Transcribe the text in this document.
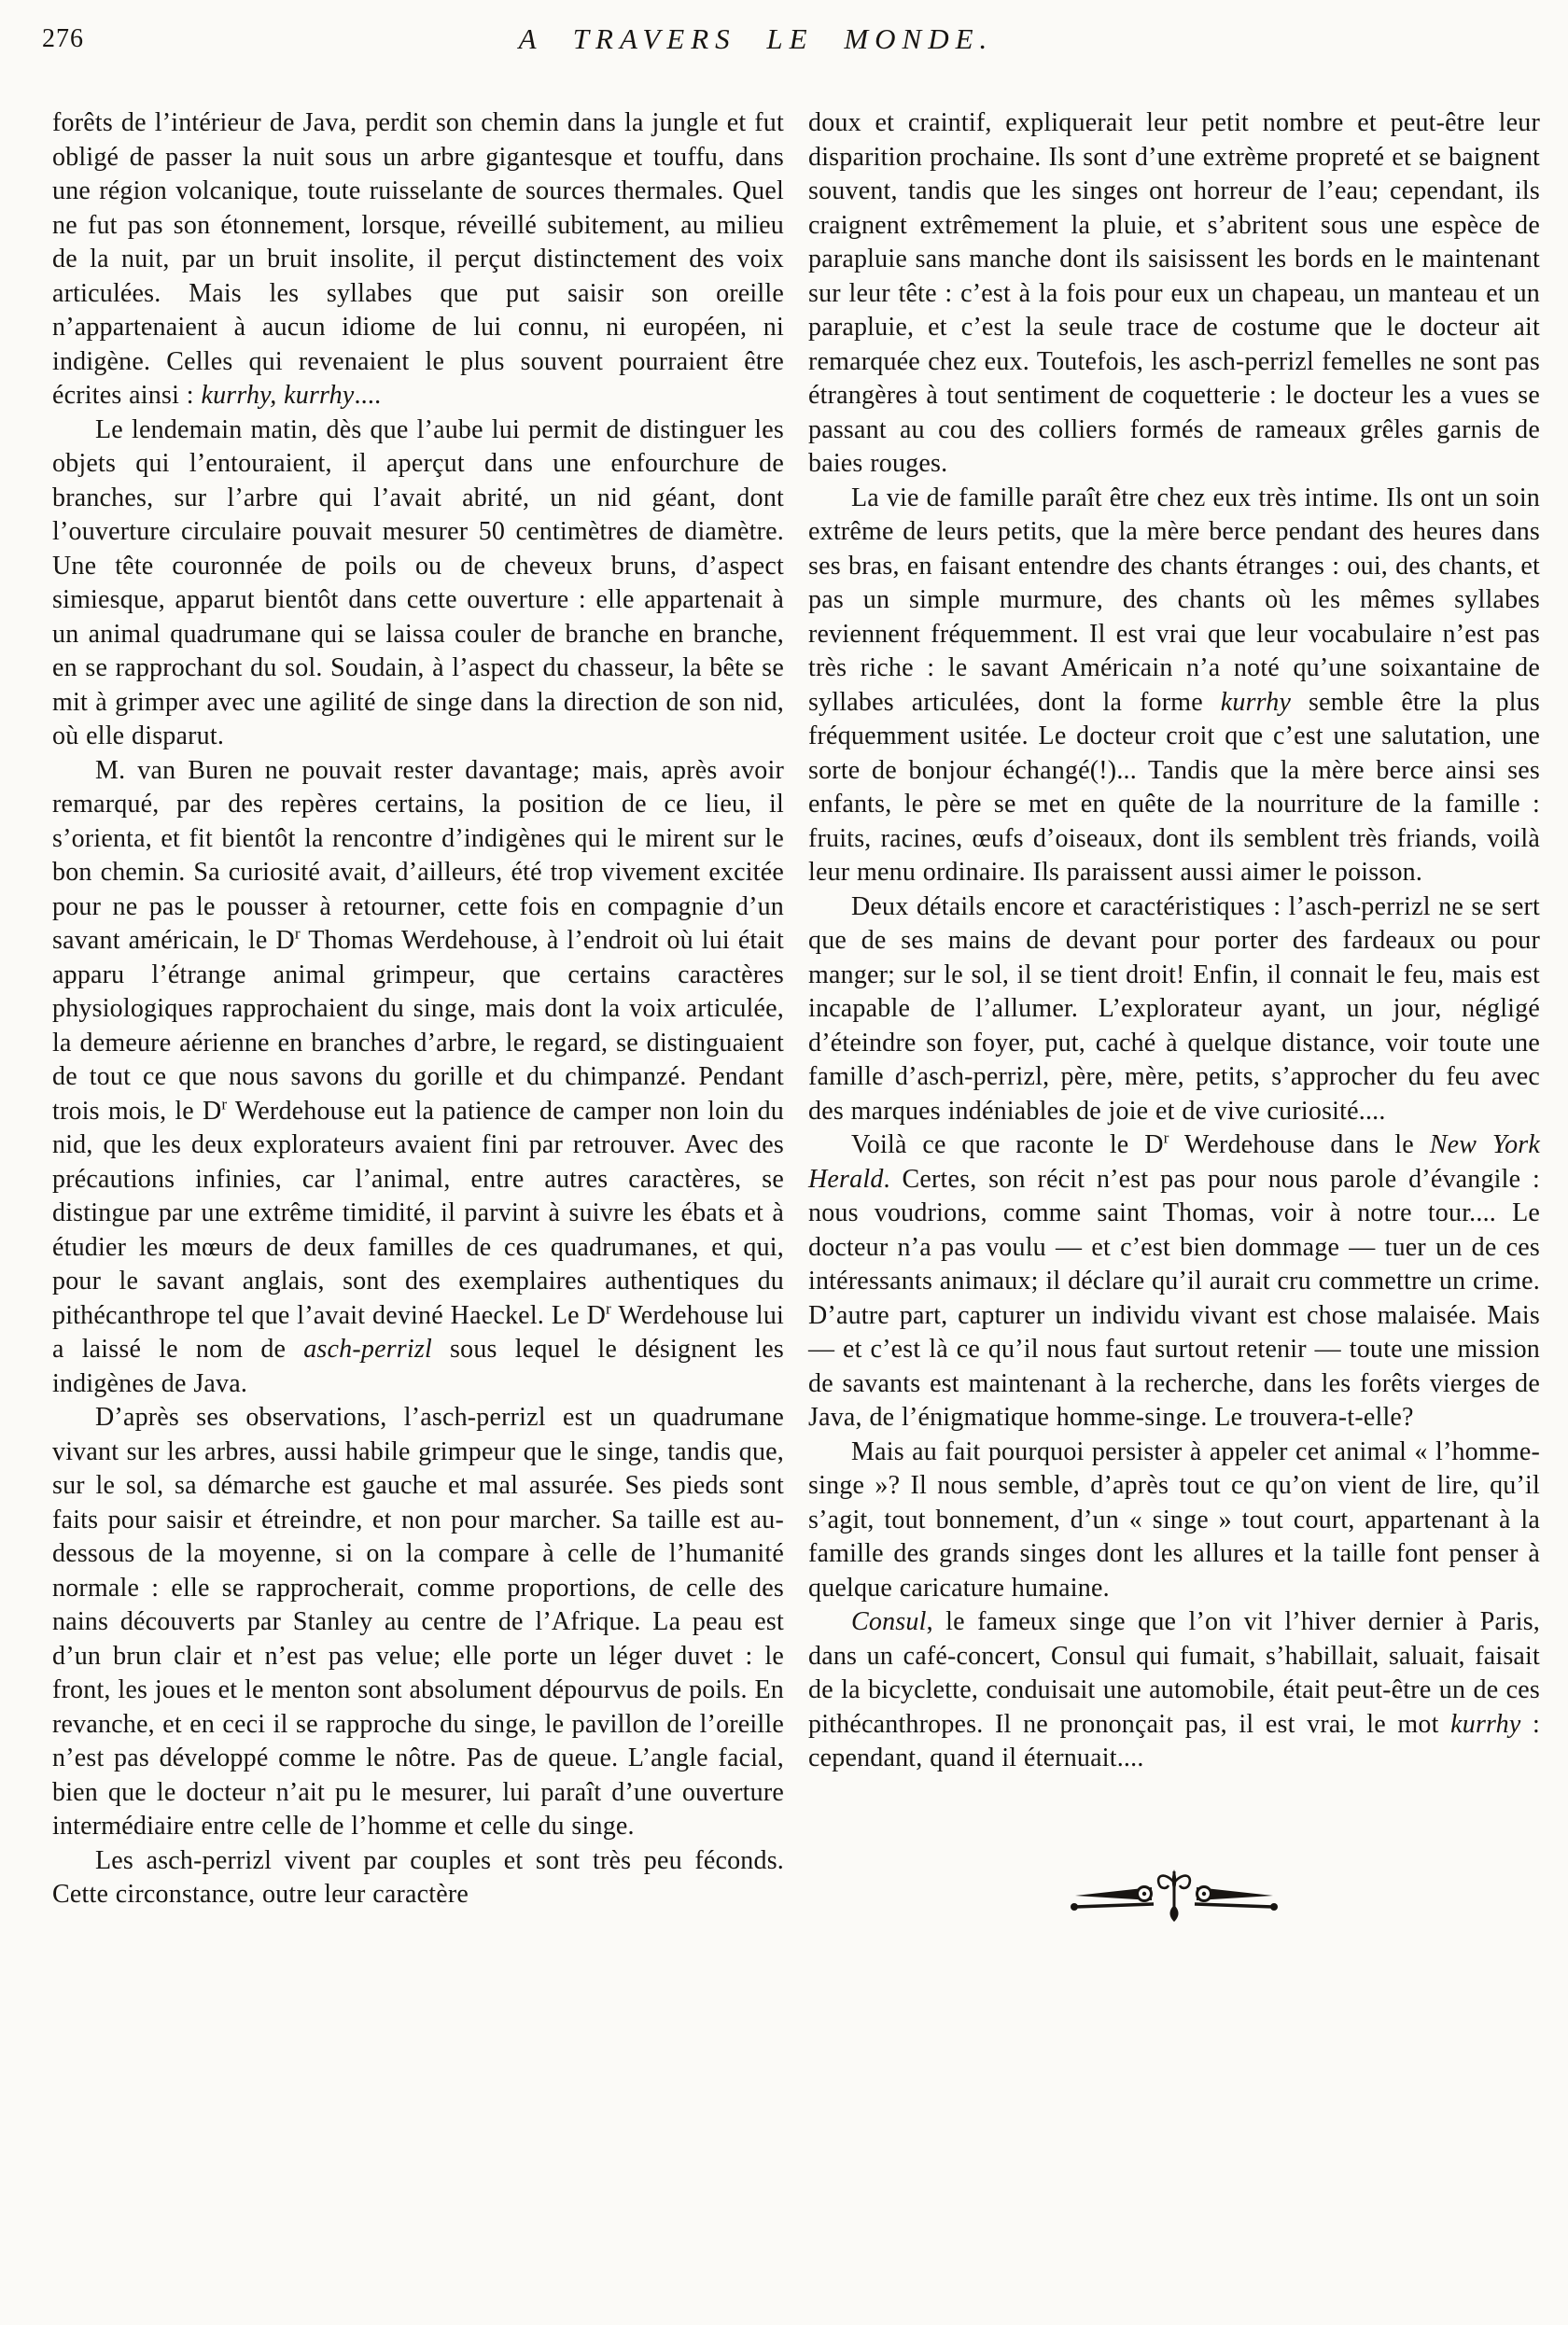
276	A TRAVERS LE MONDE.

forêts de l’intérieur de Java, perdit son chemin dans la jungle et fut obligé de passer la nuit sous un arbre gigantesque et touffu, dans une région volcanique, toute ruisselante de sources thermales. Quel ne fut pas son étonnement, lorsque, réveillé subitement, au milieu de la nuit, par un bruit insolite, il perçut distinctement des voix articulées. Mais les syllabes que put saisir son oreille n’appartenaient à aucun idiome de lui connu, ni européen, ni indigène. Celles qui revenaient le plus souvent pourraient être écrites ainsi : kurrhy, kurrhy....

Le lendemain matin, dès que l’aube lui permit de distinguer les objets qui l’entouraient, il aperçut dans une enfourchure de branches, sur l’arbre qui l’avait abrité, un nid géant, dont l’ouverture circulaire pouvait mesurer 50 centimètres de diamètre. Une tête couronnée de poils ou de cheveux bruns, d’aspect simiesque, apparut bientôt dans cette ouverture : elle appartenait à un animal quadrumane qui se laissa couler de branche en branche, en se rapprochant du sol. Soudain, à l’aspect du chasseur, la bête se mit à grimper avec une agilité de singe dans la direction de son nid, où elle disparut.

M. van Buren ne pouvait rester davantage; mais, après avoir remarqué, par des repères certains, la position de ce lieu, il s’orienta, et fit bientôt la rencontre d’indigènes qui le mirent sur le bon chemin. Sa curiosité avait, d’ailleurs, été trop vivement excitée pour ne pas le pousser à retourner, cette fois en compagnie d’un savant américain, le $D^r$ Thomas Werdehouse, à l’endroit où lui était apparu l’étrange animal grimpeur, que certains caractères physiologiques rapprochaient du singe, mais dont la voix articulée, la demeure aérienne en branches d’arbre, le regard, se distinguaient de tout ce que nous savons du gorille et du chimpanzé. Pendant trois mois, le $D^r$ Werdehouse eut la patience de camper non loin du nid, que les deux explorateurs avaient fini par retrouver. Avec des précautions infinies, car l’animal, entre autres caractères, se distingue par une extrême timidité, il parvint à suivre les ébats et à étudier les mœurs de deux familles de ces quadrumanes, et qui, pour le savant anglais, sont des exemplaires authentiques du pithécanthrope tel que l’avait deviné Haeckel. Le $D^r$ Werdehouse lui a laissé le nom de asch-perrizl sous lequel le désignent les indigènes de Java.

D’après ses observations, l’asch-perrizl est un quadrumane vivant sur les arbres, aussi habile grimpeur que le singe, tandis que, sur le sol, sa démarche est gauche et mal assurée. Ses pieds sont faits pour saisir et étreindre, et non pour marcher. Sa taille est au-dessous de la moyenne, si on la compare à celle de l’humanité normale : elle se rapprocherait, comme proportions, de celle des nains découverts par Stanley au centre de l’Afrique. La peau est d’un brun clair et n’est pas velue; elle porte un léger duvet : le front, les joues et le menton sont absolument dépourvus de poils. En revanche, et en ceci il se rapproche du singe, le pavillon de l’oreille n’est pas développé comme le nôtre. Pas de queue. L’angle facial, bien que le docteur n’ait pu le mesurer, lui paraît d’une ouverture intermédiaire entre celle de l’homme et celle du singe.

Les asch-perrizl vivent par couples et sont très peu féconds. Cette circonstance, outre leur caractère

doux et craintif, expliquerait leur petit nombre et peut-être leur disparition prochaine. Ils sont d’une extrème propreté et se baignent souvent, tandis que les singes ont horreur de l’eau; cependant, ils craignent extrêmement la pluie, et s’abritent sous une espèce de parapluie sans manche dont ils saisissent les bords en le maintenant sur leur tête : c’est à la fois pour eux un chapeau, un manteau et un parapluie, et c’est la seule trace de costume que le docteur ait remarquée chez eux. Toutefois, les asch-perrizl femelles ne sont pas étrangères à tout sentiment de coquetterie : le docteur les a vues se passant au cou des colliers formés de rameaux grêles garnis de baies rouges.

La vie de famille paraît être chez eux très intime. Ils ont un soin extrême de leurs petits, que la mère berce pendant des heures dans ses bras, en faisant entendre des chants étranges : oui, des chants, et pas un simple murmure, des chants où les mêmes syllabes reviennent fréquemment. Il est vrai que leur vocabulaire n’est pas très riche : le savant Américain n’a noté qu’une soixantaine de syllabes articulées, dont la forme kurrhy semble être la plus fréquemment usitée. Le docteur croit que c’est une salutation, une sorte de bonjour échangé(!)... Tandis que la mère berce ainsi ses enfants, le père se met en quête de la nourriture de la famille : fruits, racines, œufs d’oiseaux, dont ils semblent très friands, voilà leur menu ordinaire. Ils paraissent aussi aimer le poisson.

Deux détails encore et caractéristiques : l’asch-perrizl ne se sert que de ses mains de devant pour porter des fardeaux ou pour manger; sur le sol, il se tient droit! Enfin, il connait le feu, mais est incapable de l’allumer. L’explorateur ayant, un jour, négligé d’éteindre son foyer, put, caché à quelque distance, voir toute une famille d’asch-perrizl, père, mère, petits, s’approcher du feu avec des marques indéniables de joie et de vive curiosité....

Voilà ce que raconte le $D^r$ Werdehouse dans le New York Herald. Certes, son récit n’est pas pour nous parole d’évangile : nous voudrions, comme saint Thomas, voir à notre tour.... Le docteur n’a pas voulu — et c’est bien dommage — tuer un de ces intéressants animaux; il déclare qu’il aurait cru commettre un crime. D’autre part, capturer un individu vivant est chose malaisée. Mais — et c’est là ce qu’il nous faut surtout retenir — toute une mission de savants est maintenant à la recherche, dans les forêts vierges de Java, de l’énigmatique homme-singe. Le trouvera-t-elle?

Mais au fait pourquoi persister à appeler cet animal « l’homme-singe »? Il nous semble, d’après tout ce qu’on vient de lire, qu’il s’agit, tout bonnement, d’un « singe » tout court, appartenant à la famille des grands singes dont les allures et la taille font penser à quelque caricature humaine.

Consul, le fameux singe que l’on vit l’hiver dernier à Paris, dans un café-concert, Consul qui fumait, s’habillait, saluait, faisait de la bicyclette, conduisait une automobile, était peut-être un de ces pithécanthropes. Il ne prononçait pas, il est vrai, le mot kurrhy : cependant, quand il éternuait....
